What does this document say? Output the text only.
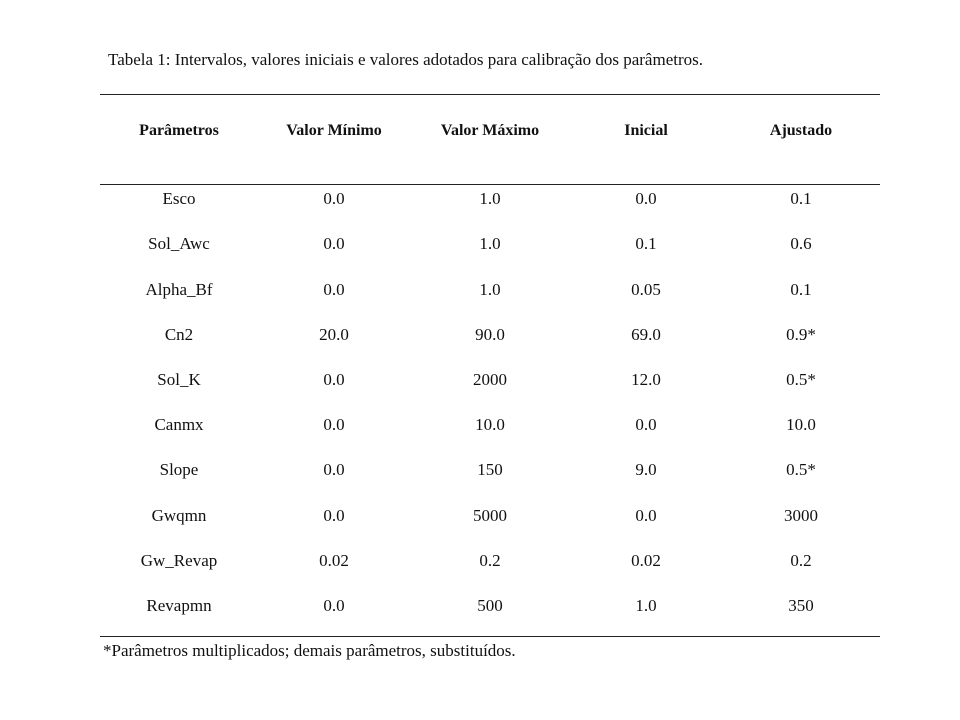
Tabela 1: Intervalos, valores iniciais e valores adotados para calibração dos parâmetros.
Parâmetros	Valor Mínimo	Valor Máximo	Inicial	Ajustado
Esco	0.0	1.0	0.0	0.1
Sol_Awc	0.0	1.0	0.1	0.6
Alpha_Bf	0.0	1.0	0.05	0.1
Cn2	20.0	90.0	69.0	0.9*
Sol_K	0.0	2000	12.0	0.5*
Canmx	0.0	10.0	0.0	10.0
Slope	0.0	150	9.0	0.5*
Gwqmn	0.0	5000	0.0	3000
Gw_Revap	0.02	0.2	0.02	0.2
Revapmn	0.0	500	1.0	350
*Parâmetros multiplicados; demais parâmetros, substituídos.
